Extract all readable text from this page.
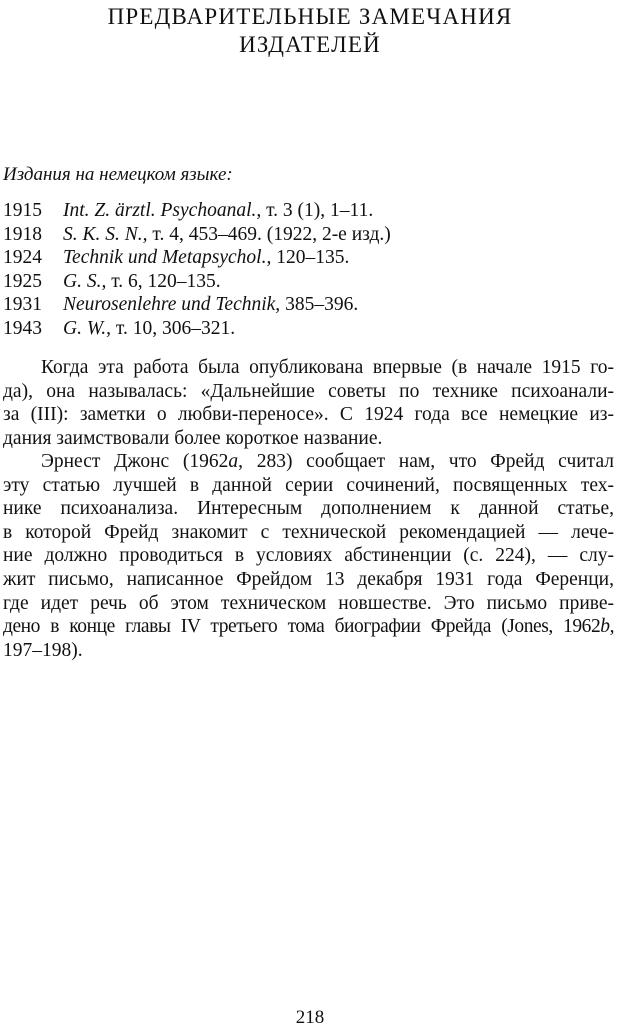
ПРЕДВАРИТЕЛЬНЫЕ ЗАМЕЧАНИЯ
ИЗДАТЕЛЕЙ

Издания на немецком языке:

1915 Int. Z. ärztl. Psychoanal., т. 3 (1), 1–11.
1918 S. K. S. N., т. 4, 453–469. (1922, 2-е изд.)
1924 Technik und Metapsychol., 120–135.
1925 G. S., т. 6, 120–135.
1931 Neurosenlehre und Technik, 385–396.
1943 G. W., т. 10, 306–321.
Когда эта работа была опубликована впервые (в начале 1915 го-
да), она называлась: «Дальнейшие советы по технике психоанали-
за (III): заметки о любви-переносе». С 1924 года все немецкие из-
дания заимствовали более короткое название.
Эрнест Джонс (1962a, 283) сообщает нам, что Фрейд считал
эту статью лучшей в данной серии сочинений, посвященных тех-
нике психоанализа. Интересным дополнением к данной статье,
в которой Фрейд знакомит с технической рекомендацией — лече-
ние должно проводиться в условиях абстиненции (с. 224), — слу-
жит письмо, написанное Фрейдом 13 декабря 1931 года Ференци,
где идет речь об этом техническом новшестве. Это письмо приве-
дено в конце главы IV третьего тома биографии Фрейда (Jones, 1962b,
197–198).

218
